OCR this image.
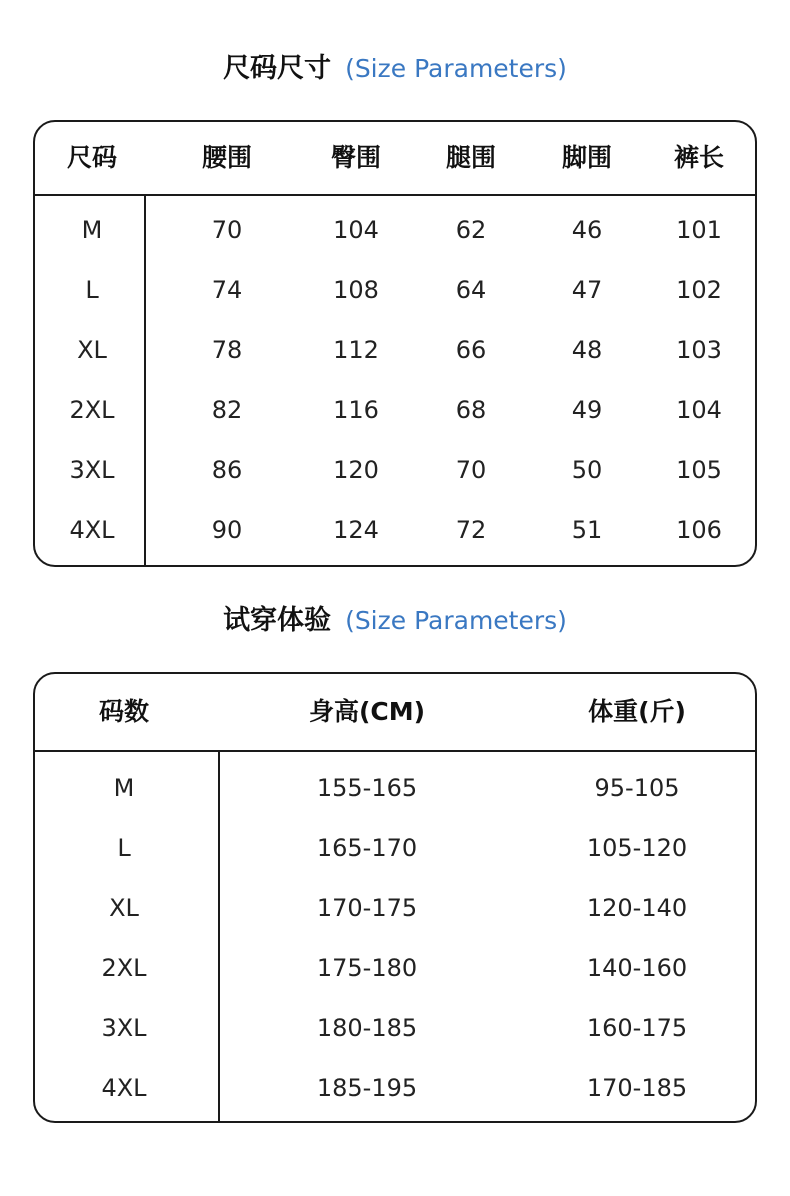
尺码尺寸 (Size Parameters)
尺码	腰围	臀围	腿围	脚围 裤长
M	70	104	62	46	101
L	74	108	64	47	102
XL	78	112	66	48	103
2XL	82	116	68	49	104
3XL	86	120	70	50	105
4XL	90	124	72	51	106
试穿体验 (Size Parameters)
码数	身高(CM)	体重(斤)
M	155-165	95-105
L	165-170	105-120
XL	170-175	120-140
2XL	175-180	140-160
3XL	180-185	160-175
4XL	185-195	170-185
